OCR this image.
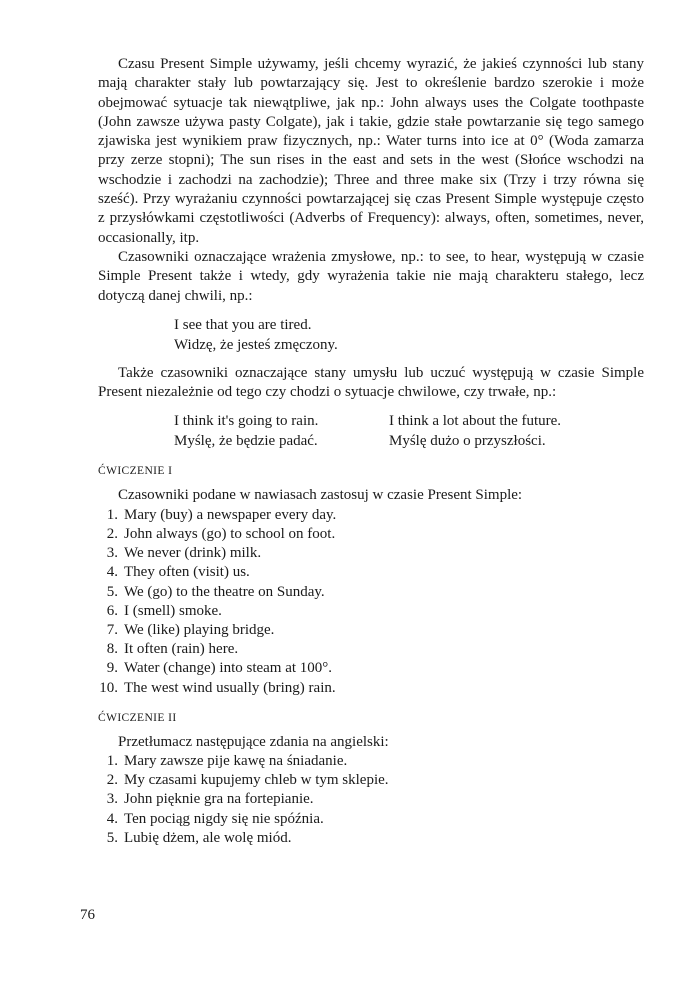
Czasu Present Simple używamy, jeśli chcemy wyrazić, że jakieś czynności lub stany mają charakter stały lub powtarzający się. Jest to określenie bardzo szerokie i może obejmować sytuacje tak niewątpliwe, jak np.: John always uses the Colgate toothpaste (John zawsze używa pasty Colgate), jak i takie, gdzie stałe powtarzanie się tego samego zjawiska jest wynikiem praw fizycznych, np.: Water turns into ice at 0° (Woda zamarza przy zerze stopni); The sun rises in the east and sets in the west (Słońce wschodzi na wschodzie i zachodzi na zachodzie); Three and three make six (Trzy i trzy równa się sześć). Przy wyrażaniu czynności powtarzającej się czas Present Simple występuje często z przysłówkami częstotliwości (Adverbs of Frequency): always, often, sometimes, never, occasionally, itp.

Czasowniki oznaczające wrażenia zmysłowe, np.: to see, to hear, występują w czasie Simple Present także i wtedy, gdy wyrażenia takie nie mają charakteru stałego, lecz dotyczą danej chwili, np.:

I see that you are tired.
Widzę, że jesteś zmęczony.

Także czasowniki oznaczające stany umysłu lub uczuć występują w czasie Simple Present niezależnie od tego czy chodzi o sytuacje chwilowe, czy trwałe, np.:

I think it's going to rain.
Myślę, że będzie padać.
I think a lot about the future.
Myślę dużo o przyszłości.
ĆWICZENIE I

Czasowniki podane w nawiasach zastosuj w czasie Present Simple:

1. Mary (buy) a newspaper every day.
2. John always (go) to school on foot.
3. We never (drink) milk.
4. They often (visit) us.
5. We (go) to the theatre on Sunday.
6. I (smell) smoke.
7. We (like) playing bridge.
8. It often (rain) here.
9. Water (change) into steam at 100°.
10. The west wind usually (bring) rain.
ĆWICZENIE II

Przetłumacz następujące zdania na angielski:

1. Mary zawsze pije kawę na śniadanie.
2. My czasami kupujemy chleb w tym sklepie.
3. John pięknie gra na fortepianie.
4. Ten pociąg nigdy się nie spóźnia.
5. Lubię dżem, ale wolę miód.
76
